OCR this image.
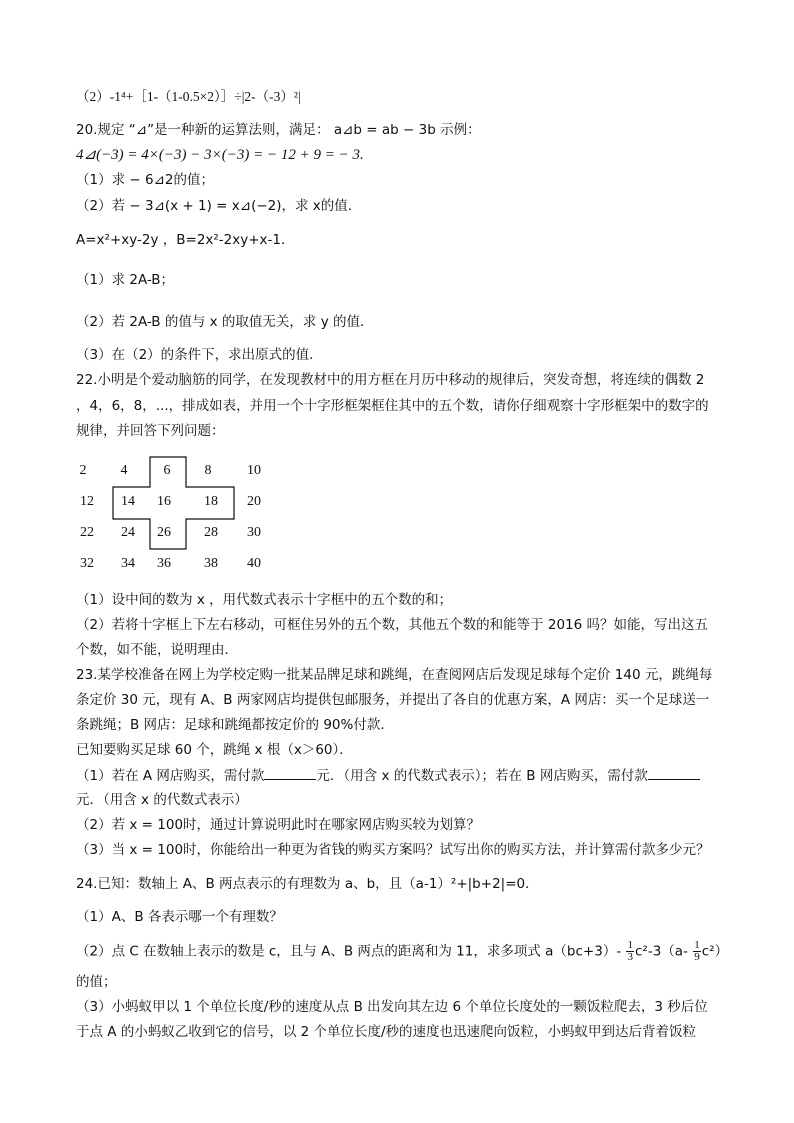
（2）-1⁴+［1-（1-0.5×2）］÷|2-（-3）²|
20.规定 “⊿”是一种新的运算法则，满足： a⊿b = ab − 3b 示例：
4⊿(−3) = 4×(−3) − 3×(−3) = − 12 + 9 = − 3.
（1）求 − 6⊿2的值；
（2）若 − 3⊿(x + 1) = x⊿(−2)，求 x的值.
A=x²+xy-2y ，B=2x²-2xy+x-1．
（1）求 2A-B；
（2）若 2A-B 的值与 x 的取值无关，求 y 的值．
（3）在（2）的条件下，求出原式的值．
22.小明是个爱动脑筋的同学，在发现教材中的用方框在月历中移动的规律后，突发奇想，将连续的偶数 2
，4，6，8，...，排成如表，并用一个十字形框架框住其中的五个数，请你仔细观察十字形框架中的数字的
规律，并回答下列问题：
2	4	6	8	10
12	14	16	18	20
22	24	26	28	30
32	34	36	38	40
（1）设中间的数为 x ，用代数式表示十字框中的五个数的和；
（2）若将十字框上下左右移动，可框住另外的五个数，其他五个数的和能等于 2016 吗？如能，写出这五
个数，如不能，说明理由．
23.某学校准备在网上为学校定购一批某品牌足球和跳绳，在查阅网店后发现足球每个定价 140 元，跳绳每
条定价 30 元，现有 A、B 两家网店均提供包邮服务，并提出了各自的优惠方案，A 网店：买一个足球送一
条跳绳；B 网店：足球和跳绳都按定价的 90%付款．
已知要购买足球 60 个，跳绳 x 根（x＞60）．
（1）若在 A 网店购买，需付款	元．（用含 x 的代数式表示）；若在 B 网店购买，需付款
元．（用含 x 的代数式表示）
（2）若 x = 100时，通过计算说明此时在哪家网店购买较为划算？
（3）当 x = 100时，你能给出一种更为省钱的购买方案吗？试写出你的购买方法，并计算需付款多少元？
24.已知：数轴上 A、B 两点表示的有理数为 a、b，且（a-1）²+|b+2|=0．
（1）A、B 各表示哪一个有理数？
（2）点 C 在数轴上表示的数是 c，且与 A、B 两点的距离和为 11，求多项式 $a(bc+3)- \frac{1}{3} c^2-3(a- \frac{1}{9} c^2)$
的值；
（3）小蚂蚁甲以 1 个单位长度/秒的速度从点 B 出发向其左边 6 个单位长度处的一颗饭粒爬去，3 秒后位
于点 A 的小蚂蚁乙收到它的信号，以 2 个单位长度/秒的速度也迅速爬向饭粒，小蚂蚁甲到达后背着饭粒
